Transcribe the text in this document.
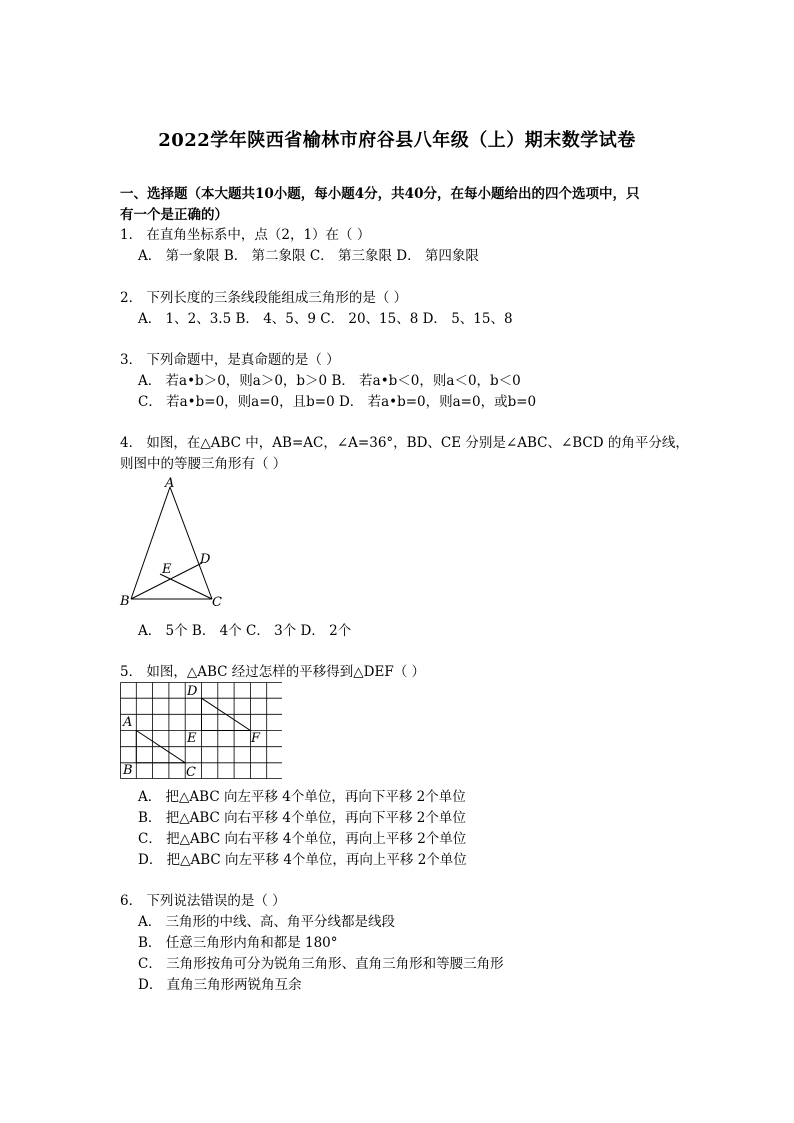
2022学年陕西省榆林市府谷县八年级（上）期末数学试卷
一、选择题（本大题共10小题，每小题4分，共40分，在每小题给出的四个选项中，只
有一个是正确的）
1． 在直角坐标系中，点（2，1）在（ ）
A． 第一象限 B． 第二象限 C． 第三象限 D． 第四象限
2． 下列长度的三条线段能组成三角形的是（ ）
A． 1、2、3.5 B． 4、5、9 C． 20、15、8 D． 5、15、8
3． 下列命题中，是真命题的是（ ）
A． 若a•b＞0，则a＞0，b＞0 B． 若a•b＜0，则a＜0，b＜0
C． 若a•b=0，则a=0，且b=0 D． 若a•b=0，则a=0，或b=0
4． 如图，在△ABC 中，AB=AC，∠A=36°，BD、CE 分别是∠ABC、∠BCD 的角平分线，
则图中的等腰三角形有（ ）
A
B	C
D
E
A． 5个 B． 4个 C． 3个 D． 2个
5． 如图，△ABC 经过怎样的平移得到△DEF（ ）
A
B	C
D
E	F
A． 把△ABC 向左平移 4个单位，再向下平移 2个单位
B． 把△ABC 向右平移 4个单位，再向下平移 2个单位
C． 把△ABC 向右平移 4个单位，再向上平移 2个单位
D． 把△ABC 向左平移 4个单位，再向上平移 2个单位
6． 下列说法错误的是（ ）
A． 三角形的中线、高、角平分线都是线段
B． 任意三角形内角和都是 180°
C． 三角形按角可分为锐角三角形、直角三角形和等腰三角形
D． 直角三角形两锐角互余
